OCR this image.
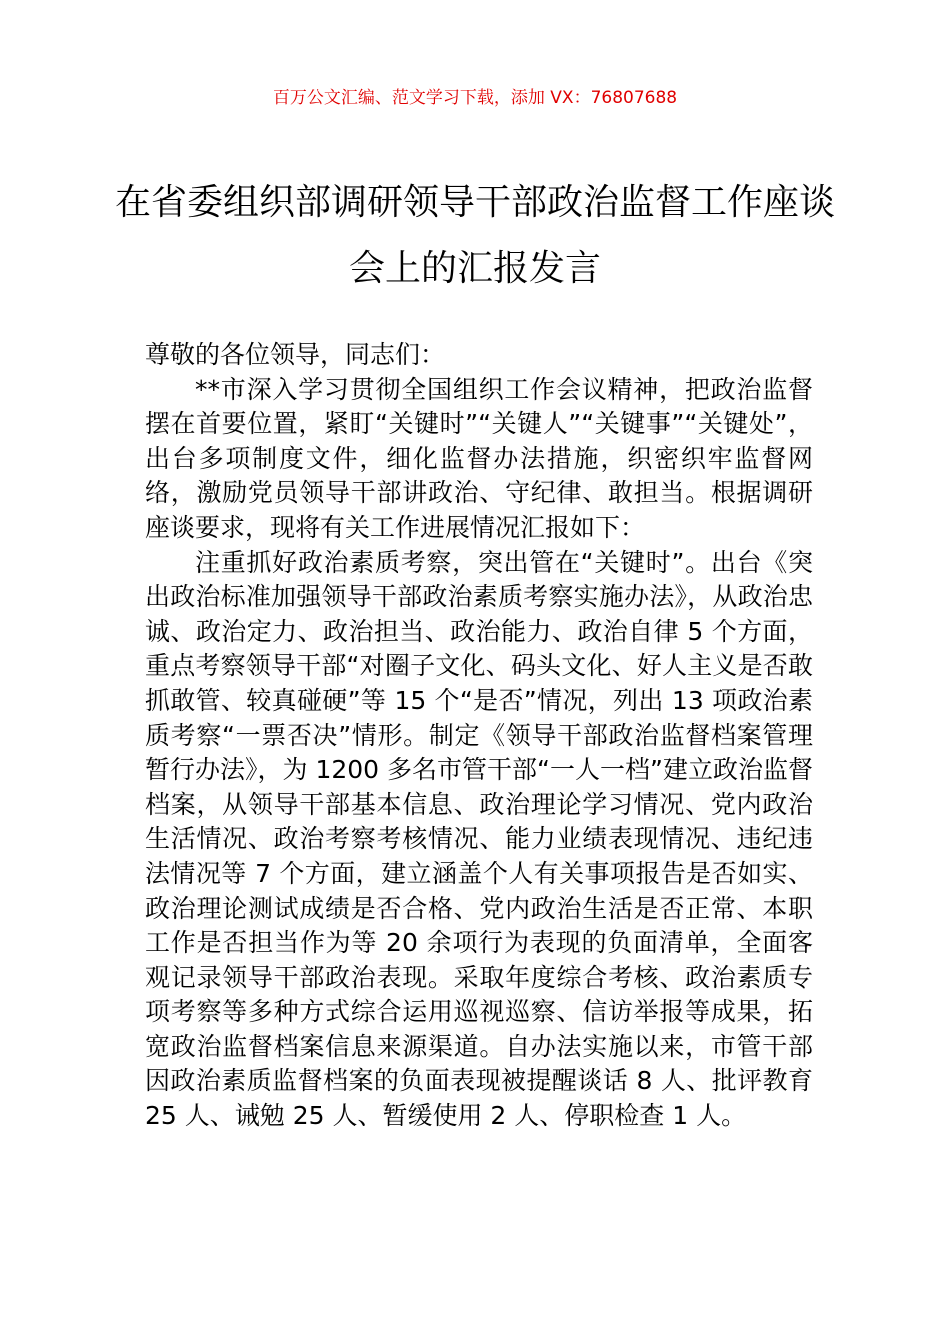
百万公文汇编、范文学习下载，添加 VX：76807688
在省委组织部调研领导干部政治监督工作座谈会上的汇报发言

尊敬的各位领导，同志们：

**市深入学习贯彻全国组织工作会议精神，把政治监督摆在首要位置，紧盯“关键时”“关键人”“关键事”“关键处”，出台多项制度文件，细化监督办法措施，织密织牢监督网络，激励党员领导干部讲政治、守纪律、敢担当。根据调研座谈要求，现将有关工作进展情况汇报如下：

注重抓好政治素质考察，突出管在“关键时”。出台《突出政治标准加强领导干部政治素质考察实施办法》，从政治忠诚、政治定力、政治担当、政治能力、政治自律 5 个方面，重点考察领导干部“对圈子文化、码头文化、好人主义是否敢抓敢管、较真碰硬”等 15 个“是否”情况，列出 13 项政治素质考察“一票否决”情形。制定《领导干部政治监督档案管理暂行办法》，为 1200 多名市管干部“一人一档”建立政治监督档案，从领导干部基本信息、政治理论学习情况、党内政治生活情况、政治考察考核情况、能力业绩表现情况、违纪违法情况等 7 个方面，建立涵盖个人有关事项报告是否如实、政治理论测试成绩是否合格、党内政治生活是否正常、本职工作是否担当作为等 20 余项行为表现的负面清单，全面客观记录领导干部政治表现。采取年度综合考核、政治素质专项考察等多种方式综合运用巡视巡察、信访举报等成果，拓宽政治监督档案信息来源渠道。自办法实施以来，市管干部因政治素质监督档案的负面表现被提醒谈话 8 人、批评教育 25 人、诫勉 25 人、暂缓使用 2 人、停职检查 1 人。
